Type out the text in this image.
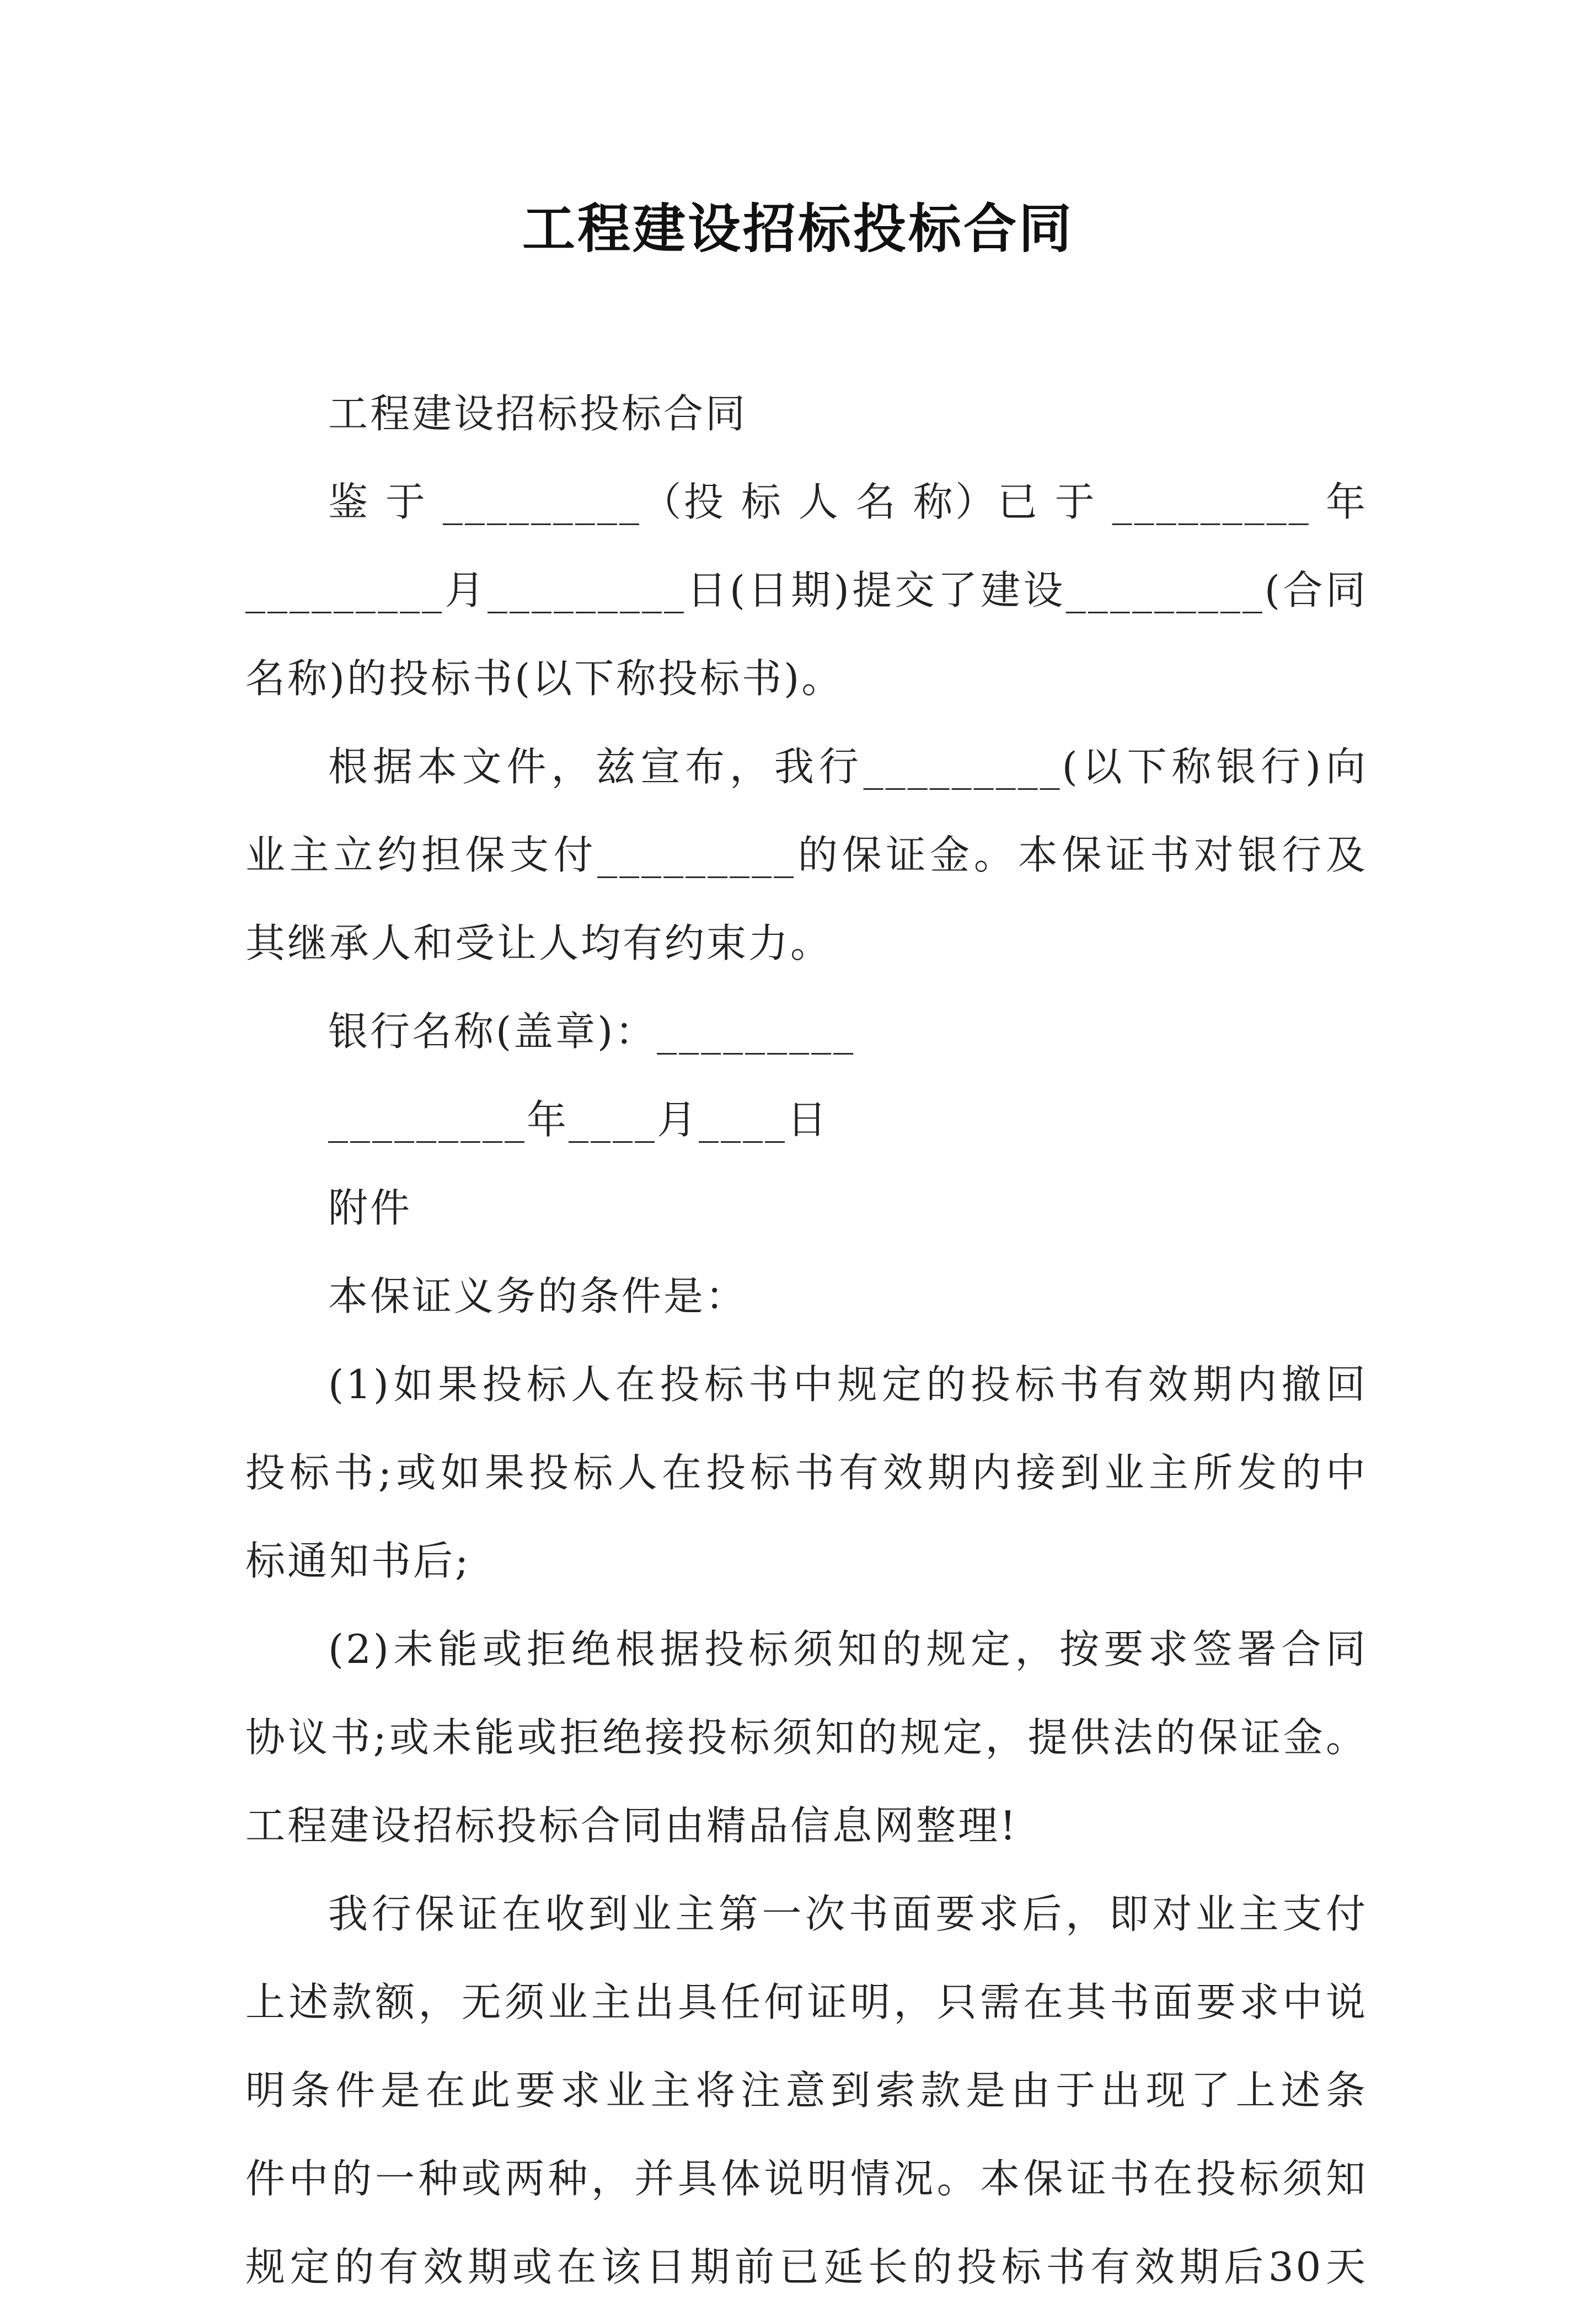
工程建设招标投标合同
工程建设招标投标合同
鉴 于 _________（投 标 人 名 称）已 于 _________ 年
_________月_________日(日期)提交了建设_________(合同
名称)的投标书(以下称投标书)。
根据本文件，兹宣布，我行_________(以下称银行)向
业主立约担保支付_________的保证金。本保证书对银行及
其继承人和受让人均有约束力。
银行名称(盖章)：_________
_________年____月____日
附件
本保证义务的条件是：
(1)如果投标人在投标书中规定的投标书有效期内撤回
投标书;或如果投标人在投标书有效期内接到业主所发的中
标通知书后;
(2)未能或拒绝根据投标须知的规定，按要求签署合同
协议书;或未能或拒绝接投标须知的规定，提供法的保证金。
工程建设招标投标合同由精品信息网整理!
我行保证在收到业主第一次书面要求后，即对业主支付
上述款额，无须业主出具任何证明，只需在其书面要求中说
明条件是在此要求业主将注意到索款是由于出现了上述条
件中的一种或两种，并具体说明情况。本保证书在投标须知
规定的有效期或在该日期前已延长的投标书有效期后30天
